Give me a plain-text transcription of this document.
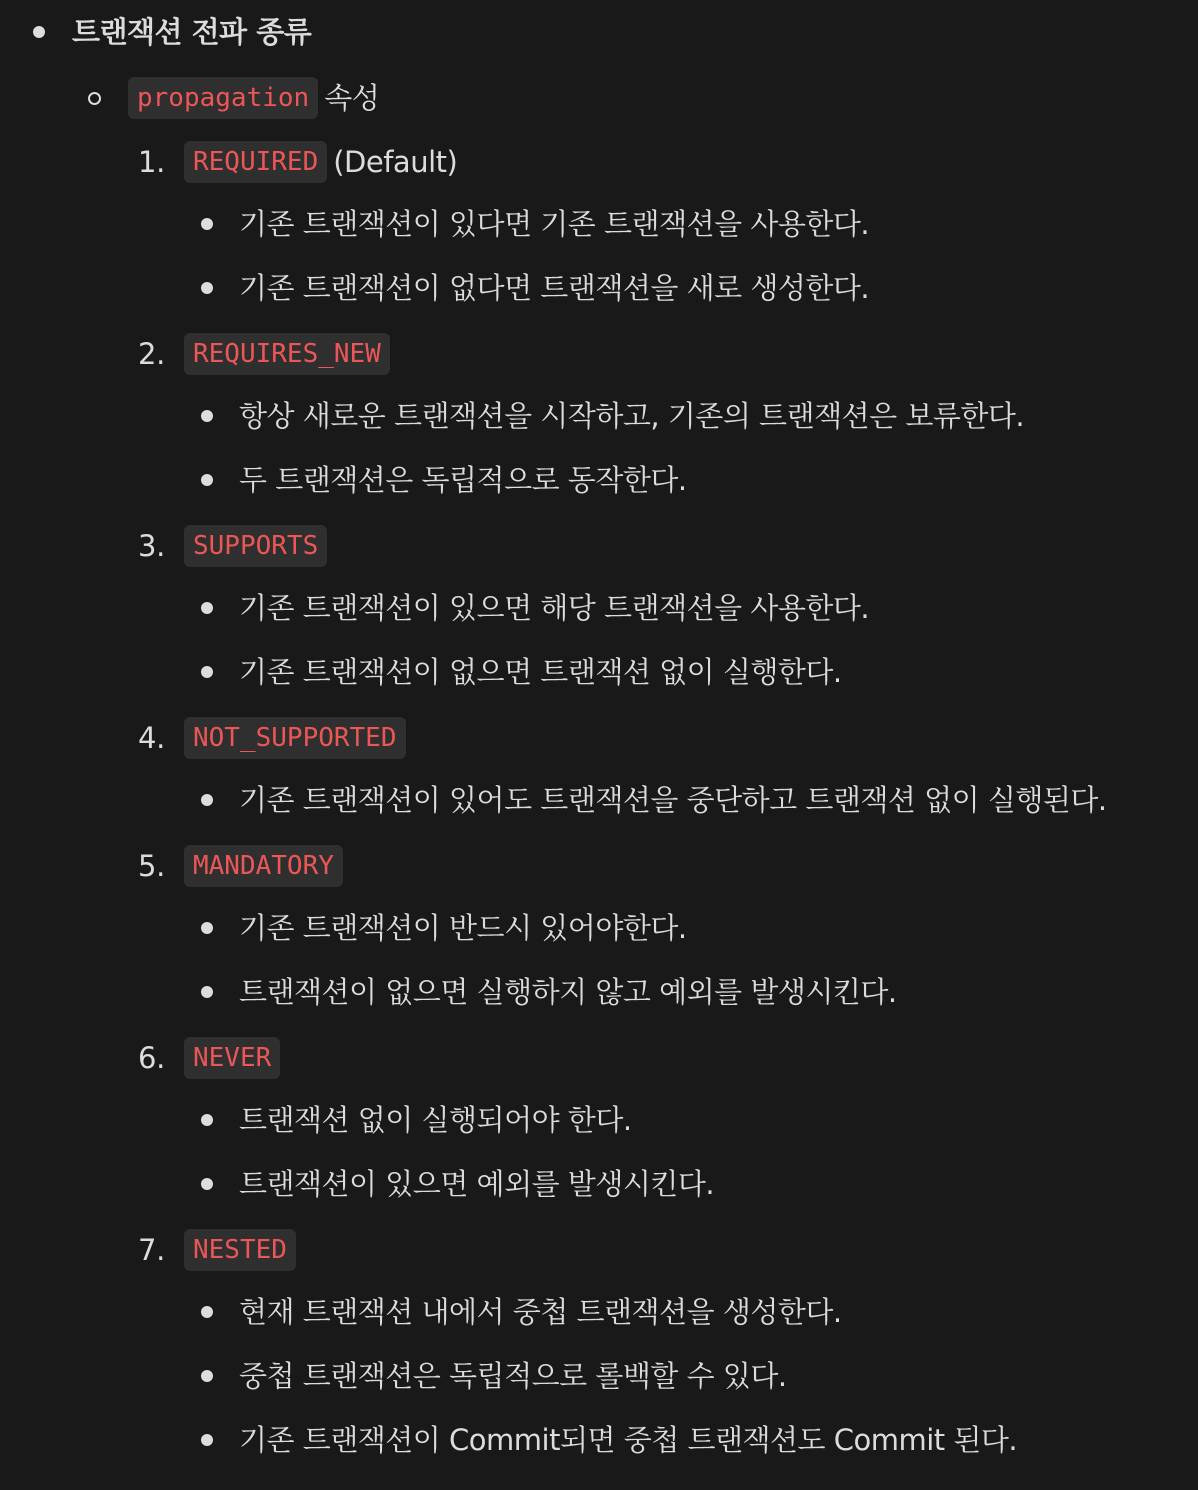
트랜잭션 전파 종류
propagation 속성
1.	REQUIRED (Default)
기존 트랜잭션이 있다면 기존 트랜잭션을 사용한다.
기존 트랜잭션이 없다면 트랜잭션을 새로 생성한다.
2.	REQUIRES_NEW
항상 새로운 트랜잭션을 시작하고, 기존의 트랜잭션은 보류한다.
두 트랜잭션은 독립적으로 동작한다.
3.	SUPPORTS
기존 트랜잭션이 있으면 해당 트랜잭션을 사용한다.
기존 트랜잭션이 없으면 트랜잭션 없이 실행한다.
4.	NOT_SUPPORTED
기존 트랜잭션이 있어도 트랜잭션을 중단하고 트랜잭션 없이 실행된다.
5.	MANDATORY
기존 트랜잭션이 반드시 있어야한다.
트랜잭션이 없으면 실행하지 않고 예외를 발생시킨다.
6.	NEVER
트랜잭션 없이 실행되어야 한다.
트랜잭션이 있으면 예외를 발생시킨다.
7.	NESTED
현재 트랜잭션 내에서 중첩 트랜잭션을 생성한다.
중첩 트랜잭션은 독립적으로 롤백할 수 있다.
기존 트랜잭션이 Commit되면 중첩 트랜잭션도 Commit 된다.
